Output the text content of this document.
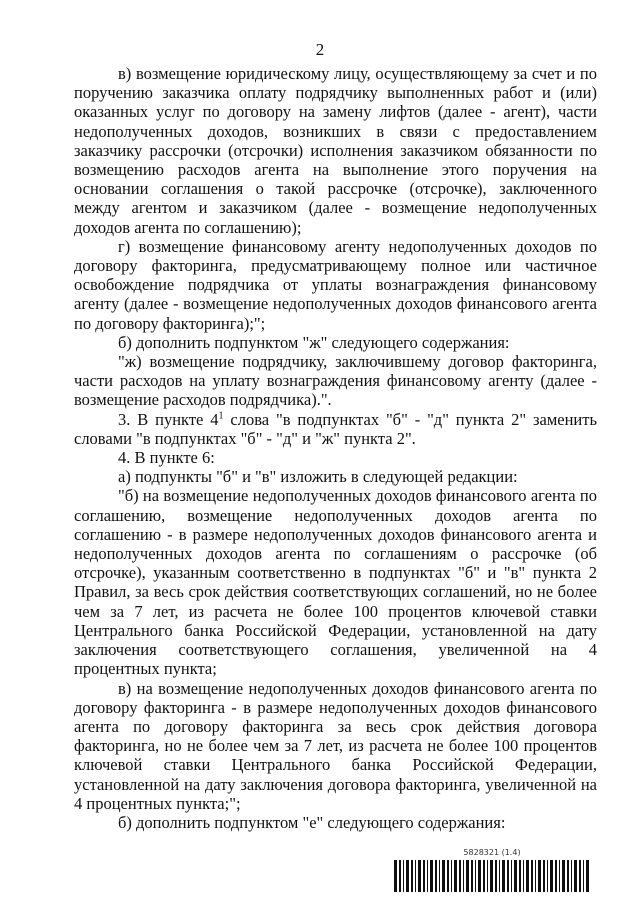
2

в) возмещение юридическому лицу, осуществляющему за счет и по поручению заказчика оплату подрядчику выполненных работ и (или) оказанных услуг по договору на замену лифтов (далее - агент), части недополученных доходов, возникших в связи с предоставлением заказчику рассрочки (отсрочки) исполнения заказчиком обязанности по возмещению расходов агента на выполнение этого поручения на основании соглашения о такой рассрочке (отсрочке), заключенного между агентом и заказчиком (далее - возмещение недополученных доходов агента по соглашению);

г) возмещение финансовому агенту недополученных доходов по договору факторинга, предусматривающему полное или частичное освобождение подрядчика от уплаты вознаграждения финансовому агенту (далее - возмещение недополученных доходов финансового агента по договору факторинга);";

б) дополнить подпунктом "ж" следующего содержания:

"ж) возмещение подрядчику, заключившему договор факторинга, части расходов на уплату вознаграждения финансовому агенту (далее - возмещение расходов подрядчика).".

3. В пункте $4^1$ слова "в подпунктах "б" - "д" пункта 2" заменить словами "в подпунктах "б" - "д" и "ж" пункта 2".

4. В пункте 6:

а) подпункты "б" и "в" изложить в следующей редакции:

"б) на возмещение недополученных доходов финансового агента по соглашению, возмещение недополученных доходов агента по соглашению - в размере недополученных доходов финансового агента и недополученных доходов агента по соглашениям о рассрочке (об отсрочке), указанным соответственно в подпунктах "б" и "в" пункта 2 Правил, за весь срок действия соответствующих соглашений, но не более чем за 7 лет, из расчета не более 100 процентов ключевой ставки Центрального банка Российской Федерации, установленной на дату заключения соответствующего соглашения, увеличенной на 4 процентных пункта;

в) на возмещение недополученных доходов финансового агента по договору факторинга - в размере недополученных доходов финансового агента по договору факторинга за весь срок действия договора факторинга, но не более чем за 7 лет, из расчета не более 100 процентов ключевой ставки Центрального банка Российской Федерации, установленной на дату заключения договора факторинга, увеличенной на 4 процентных пункта;";

б) дополнить подпунктом "е" следующего содержания:

5828321 (1.4)
